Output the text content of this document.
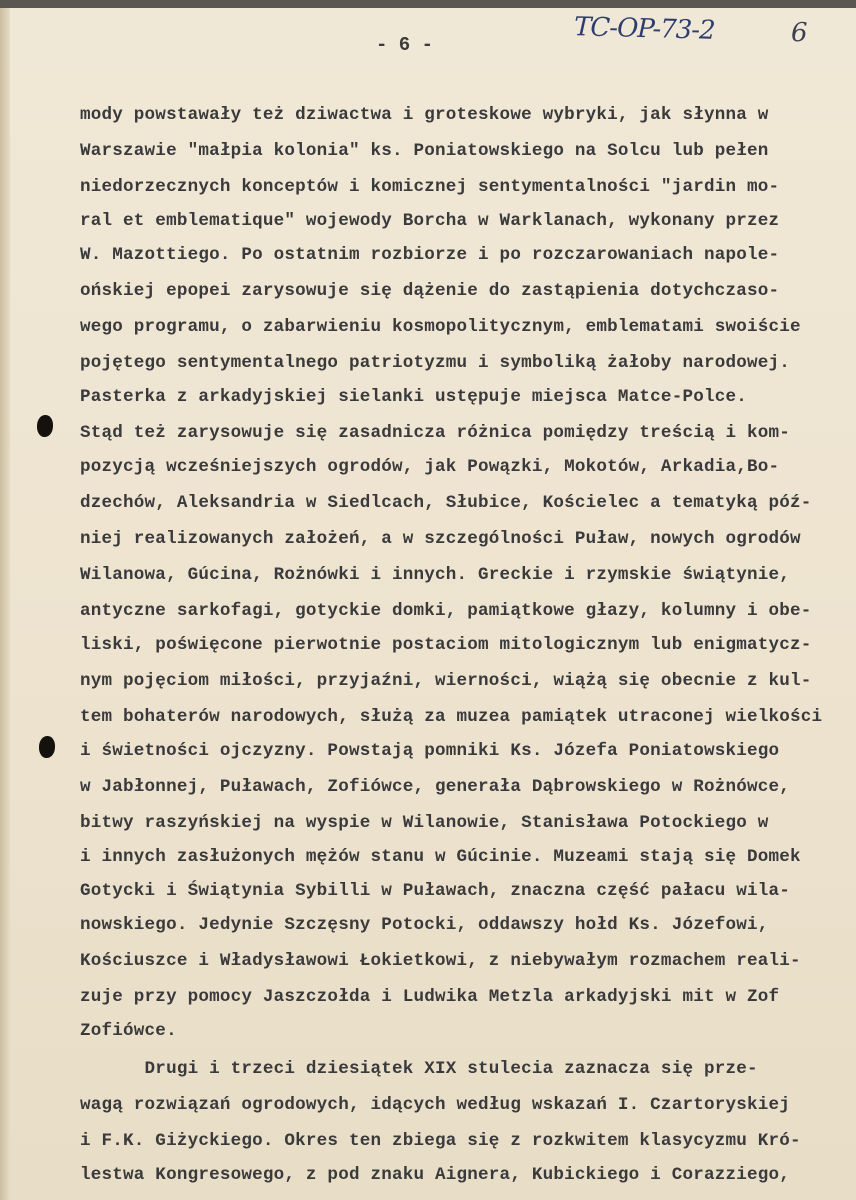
- 6 -	TC-OP-73-2	6
mody powstawały też dziwactwa i groteskowe wybryki, jak słynna w
Warszawie "małpia kolonia" ks. Poniatowskiego na Solcu lub pełen
niedorzecznych konceptów i komicznej sentymentalności "jardin mo-
ral et emblematique" wojewody Borcha w Warklanach, wykonany przez
W. Mazottiego. Po ostatnim rozbiorze i po rozczarowaniach napole-
ońskiej epopei zarysowuje się dążenie do zastąpienia dotychczaso-
wego programu, o zabarwieniu kosmopolitycznym, emblematami swoiście
pojętego sentymentalnego patriotyzmu i symboliką żałoby narodowej.
Pasterka z arkadyjskiej sielanki ustępuje miejsca Matce-Polce.
Stąd też zarysowuje się zasadnicza różnica pomiędzy treścią i kom-
pozycją wcześniejszych ogrodów, jak Powązki, Mokotów, Arkadia,Bo-
dzechów, Aleksandria w Siedlcach, Słubice, Kościelec a tematyką póź-
niej realizowanych założeń, a w szczególności Puław, nowych ogrodów
Wilanowa, Gúcina, Rożnówki i innych. Greckie i rzymskie świątynie,
antyczne sarkofagi, gotyckie domki, pamiątkowe głazy, kolumny i obe-
liski, poświęcone pierwotnie postaciom mitologicznym lub enigmatycz-
nym pojęciom miłości, przyjaźni, wierności, wiążą się obecnie z kul-
tem bohaterów narodowych, służą za muzea pamiątek utraconej wielkości
i świetności ojczyzny. Powstają pomniki Ks. Józefa Poniatowskiego
w Jabłonnej, Puławach, Zofiówce, generała Dąbrowskiego w Rożnówce,
bitwy raszyńskiej na wyspie w Wilanowie, Stanisława Potockiego w
i innych zasłużonych mężów stanu w Gúcinie. Muzeami stają się Domek
Gotycki i Świątynia Sybilli w Puławach, znaczna część pałacu wila-
nowskiego. Jedynie Szczęsny Potocki, oddawszy hołd Ks. Józefowi,
Kościuszce i Władysławowi Łokietkowi, z niebywałym rozmachem reali-
zuje przy pomocy Jaszczołda i Ludwika Metzla arkadyjski mit w Zof
Zofiówce.
Drugi i trzeci dziesiątek XIX stulecia zaznacza się prze-
wagą rozwiązań ogrodowych, idących według wskazań I. Czartoryskiej
i F.K. Giżyckiego. Okres ten zbiega się z rozkwitem klasycyzmu Kró-
lestwa Kongresowego, z pod znaku Aignera, Kubickiego i Corazziego,
